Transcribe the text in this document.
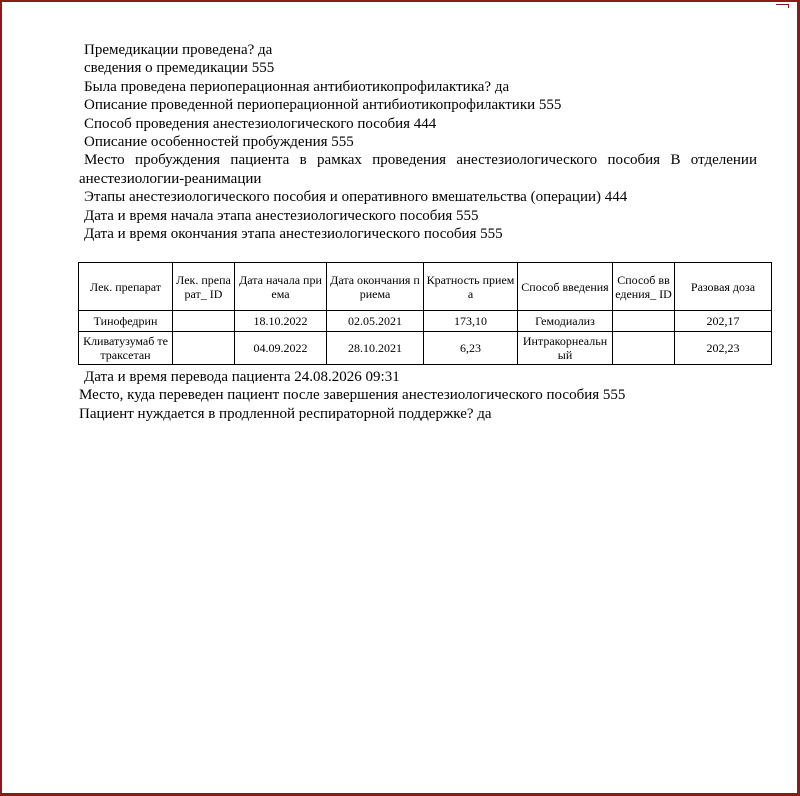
Премедикации проведена? да
сведения о премедикации 555
Была проведена периоперационная антибиотикопрофилактика? да
Описание проведенной периоперационной антибиотикопрофилактики 555
Способ проведения анестезиологического пособия 444
Описание особенностей пробуждения 555
Место пробуждения пациента в рамках проведения анестезиологического пособия В отделении анестезиологии-реанимации
Этапы анестезиологического пособия и оперативного вмешательства (операции) 444
Дата и время начала этапа анестезиологического пособия 555
Дата и время окончания этапа анестезиологического пособия 555
Лек. препарат	Лек. препарат_ ID	Дата начала приема	Дата окончания приема	Кратность приема	Способ введения	Способ введения_ ID	Разовая доза
Тинофедрин		18.10.2022	02.05.2021	173,10	Гемодиализ		202,17
Кливатузумаб тетраксетан		04.09.2022	28.10.2021	6,23	Интракорнеальный		202,23
Дата и время перевода пациента 24.08.2026 09:31
Место, куда переведен пациент после завершения анестезиологического пособия 555
Пациент нуждается в продленной респираторной поддержке? да
